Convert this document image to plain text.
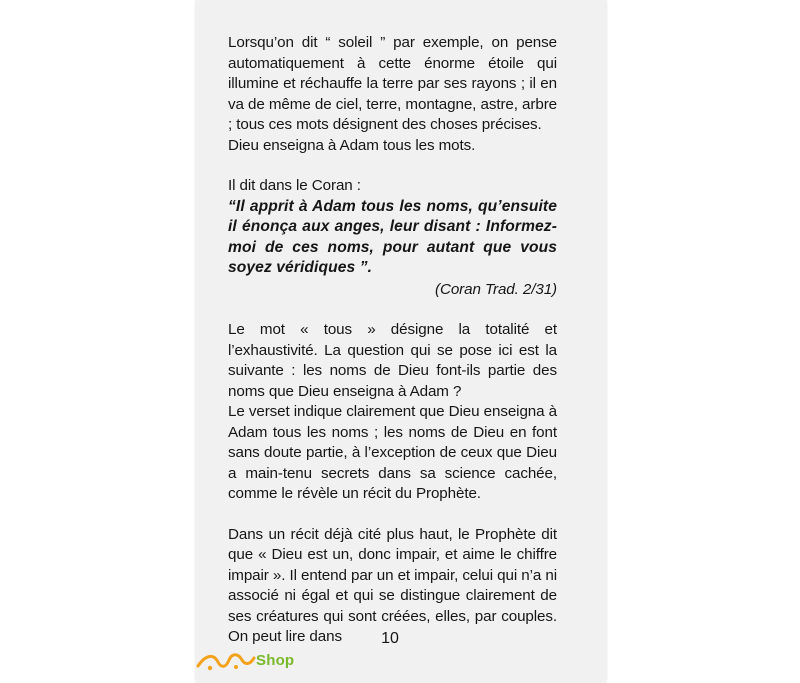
Lorsqu’on dit “ soleil ” par exemple, on pense automatiquement à cette énorme étoile qui illumine et réchauffe la terre par ses rayons ; il en va de même de ciel, terre, montagne, astre, arbre ; tous ces mots désignent des choses précises.

Dieu enseigna à Adam tous les mots.

Il dit dans le Coran :

“Il apprit à Adam tous les noms, qu’ensuite il énonça aux anges, leur disant : Informez-moi de ces noms, pour autant que vous soyez véridiques ”.

(Coran Trad. 2/31)

Le mot « tous » désigne la totalité et l’exhaustivité. La question qui se pose ici est la suivante : les noms de Dieu font-ils partie des noms que Dieu enseigna à Adam ?

Le verset indique clairement que Dieu enseigna à Adam tous les noms ; les noms de Dieu en font sans doute partie, à l’exception de ceux que Dieu a main-tenu secrets dans sa science cachée, comme le révèle un récit du Prophète.

Dans un récit déjà cité plus haut, le Prophète dit que « Dieu est un, donc impair, et aime le chiffre impair ». Il entend par un et impair, celui qui n’a ni associé ni égal et qui se distingue clairement de ses créatures qui sont créées, elles, par couples. On peut lire dans	10
Shop
